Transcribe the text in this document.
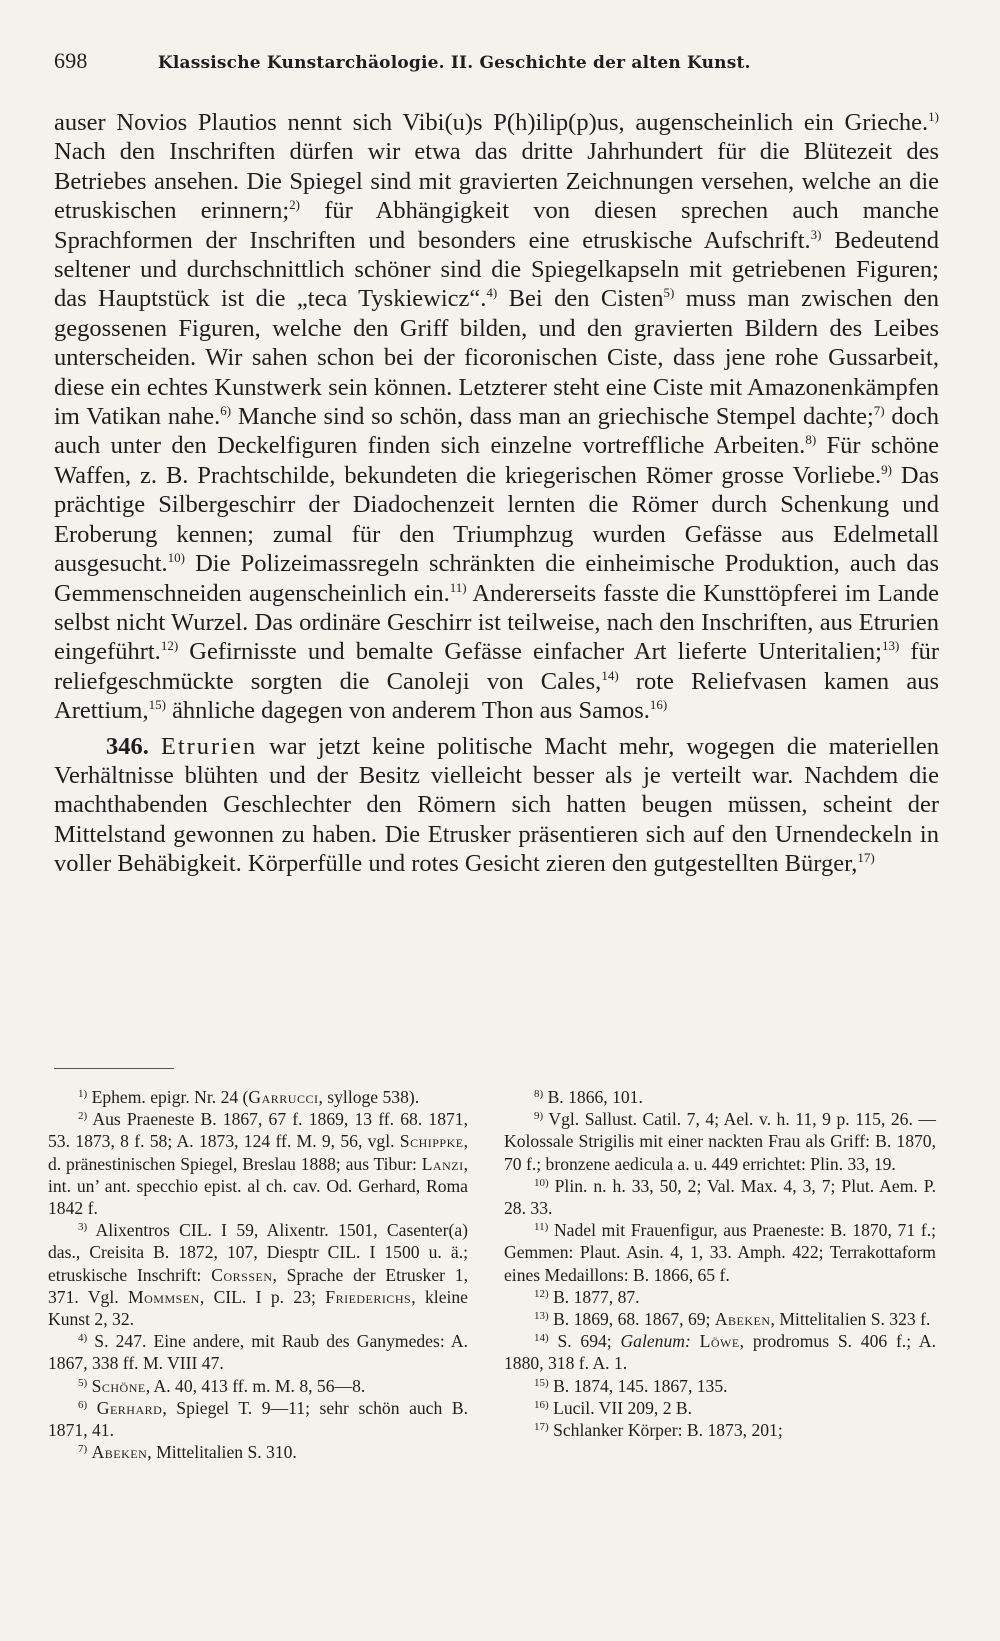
698	Klassische Kunstarchäologie. II. Geschichte der alten Kunst.

auser Novios Plautios nennt sich Vibi(u)s P(h)ilip(p)us, augenscheinlich ein Grieche.$^{1)}$ Nach den Inschriften dürfen wir etwa das dritte Jahrhundert für die Blütezeit des Betriebes ansehen. Die Spiegel sind mit gravierten Zeichnungen versehen, welche an die etruskischen erinnern;$^{2)}$ für Abhängigkeit von diesen sprechen auch manche Sprachformen der Inschriften und besonders eine etruskische Aufschrift.$^{3)}$ Bedeutend seltener und durchschnittlich schöner sind die Spiegelkapseln mit getriebenen Figuren; das Hauptstück ist die „teca Tyskiewicz“.$^{4)}$ Bei den Cisten$^{5)}$ muss man zwischen den gegossenen Figuren, welche den Griff bilden, und den gravierten Bildern des Leibes unterscheiden. Wir sahen schon bei der ficoronischen Ciste, dass jene rohe Gussarbeit, diese ein echtes Kunstwerk sein können. Letzterer steht eine Ciste mit Amazonenkämpfen im Vatikan nahe.$^{6)}$ Manche sind so schön, dass man an griechische Stempel dachte;$^{7)}$ doch auch unter den Deckelfiguren finden sich einzelne vortreffliche Arbeiten.$^{8)}$ Für schöne Waffen, z. B. Prachtschilde, bekundeten die kriegerischen Römer grosse Vorliebe.$^{9)}$ Das prächtige Silbergeschirr der Diadochenzeit lernten die Römer durch Schenkung und Eroberung kennen; zumal für den Triumphzug wurden Gefässe aus Edelmetall ausgesucht.$^{10)}$ Die Polizeimassregeln schränkten die einheimische Produktion, auch das Gemmenschneiden augenscheinlich ein.$^{11)}$ Andererseits fasste die Kunsttöpferei im Lande selbst nicht Wurzel. Das ordinäre Geschirr ist teilweise, nach den Inschriften, aus Etrurien eingeführt.$^{12)}$ Gefirnisste und bemalte Gefässe einfacher Art lieferte Unteritalien;$^{13)}$ für reliefgeschmückte sorgten die Canoleji von Cales,$^{14)}$ rote Reliefvasen kamen aus Arettium,$^{15)}$ ähnliche dagegen von anderem Thon aus Samos.$^{16)}$

346. Etrurien war jetzt keine politische Macht mehr, wogegen die materiellen Verhältnisse blühten und der Besitz vielleicht besser als je verteilt war. Nachdem die machthabenden Geschlechter den Römern sich hatten beugen müssen, scheint der Mittelstand gewonnen zu haben. Die Etrusker präsentieren sich auf den Urnendeckeln in voller Behäbigkeit. Körperfülle und rotes Gesicht zieren den gutgestellten Bürger,$^{17)}$

$^{1)}$ Ephem. epigr. Nr. 24 (Garrucci, sylloge 538).

$^{2)}$ Aus Praeneste B. 1867, 67 f. 1869, 13 ff. 68. 1871, 53. 1873, 8 f. 58; A. 1873, 124 ff. M. 9, 56, vgl. Schippke, d. pränestinischen Spiegel, Breslau 1888; aus Tibur: Lanzi, int. un’ ant. specchio epist. al ch. cav. Od. Gerhard, Roma 1842 f.

$^{3)}$ Alixentros CIL. I 59, Alixentr. 1501, Casenter(a) das., Creisita B. 1872, 107, Diesptr CIL. I 1500 u. ä.; etruskische Inschrift: Corssen, Sprache der Etrusker 1, 371. Vgl. Mommsen, CIL. I p. 23; Friederichs, kleine Kunst 2, 32.

$^{4)}$ S. 247. Eine andere, mit Raub des Ganymedes: A. 1867, 338 ff. M. VIII 47.

$^{5)}$ Schöne, A. 40, 413 ff. m. M. 8, 56—8.

$^{6)}$ Gerhard, Spiegel T. 9—11; sehr schön auch B. 1871, 41.

$^{7)}$ Abeken, Mittelitalien S. 310.

$^{8)}$ B. 1866, 101.

$^{9)}$ Vgl. Sallust. Catil. 7, 4; Ael. v. h. 11, 9 p. 115, 26. — Kolossale Strigilis mit einer nackten Frau als Griff: B. 1870, 70 f.; bronzene aedicula a. u. 449 errichtet: Plin. 33, 19.

$^{10)}$ Plin. n. h. 33, 50, 2; Val. Max. 4, 3, 7; Plut. Aem. P. 28. 33.

$^{11)}$ Nadel mit Frauenfigur, aus Praeneste: B. 1870, 71 f.; Gemmen: Plaut. Asin. 4, 1, 33. Amph. 422; Terrakottaform eines Medaillons: B. 1866, 65 f.

$^{12)}$ B. 1877, 87.

$^{13)}$ B. 1869, 68. 1867, 69; Abeken, Mittelitalien S. 323 f.

$^{14)}$ S. 694; Galenum: Löwe, prodromus S. 406 f.; A. 1880, 318 f. A. 1.

$^{15)}$ B. 1874, 145. 1867, 135.

$^{16)}$ Lucil. VII 209, 2 B.

$^{17)}$ Schlanker Körper: B. 1873, 201;
